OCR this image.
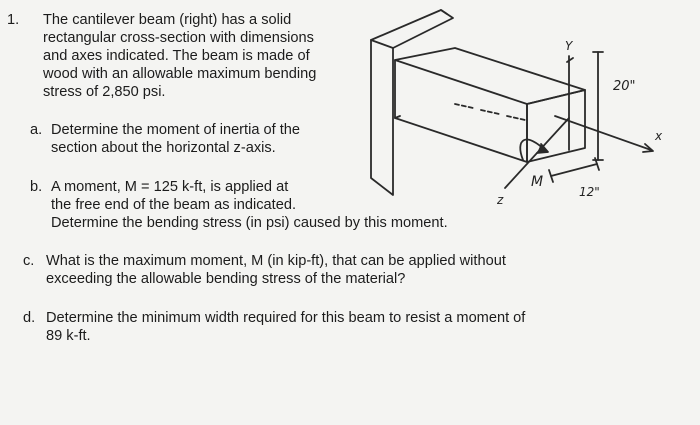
1. The cantilever beam (right) has a solid
rectangular cross-section with dimensions
and axes indicated. The beam is made of
wood with an allowable maximum bending
stress of 2,850 psi.
a. Determine the moment of inertia of the
section about the horizontal z-axis.
b. A moment, M = 125 k-ft, is applied at
the free end of the beam as indicated.
Determine the bending stress (in psi) caused by this moment.
c. What is the maximum moment, M (in kip-ft), that can be applied without
exceeding the allowable bending stress of the material?
d. Determine the minimum width required for this beam to resist a moment of
89 k-ft.
Y
x
z
M
20"
12"
